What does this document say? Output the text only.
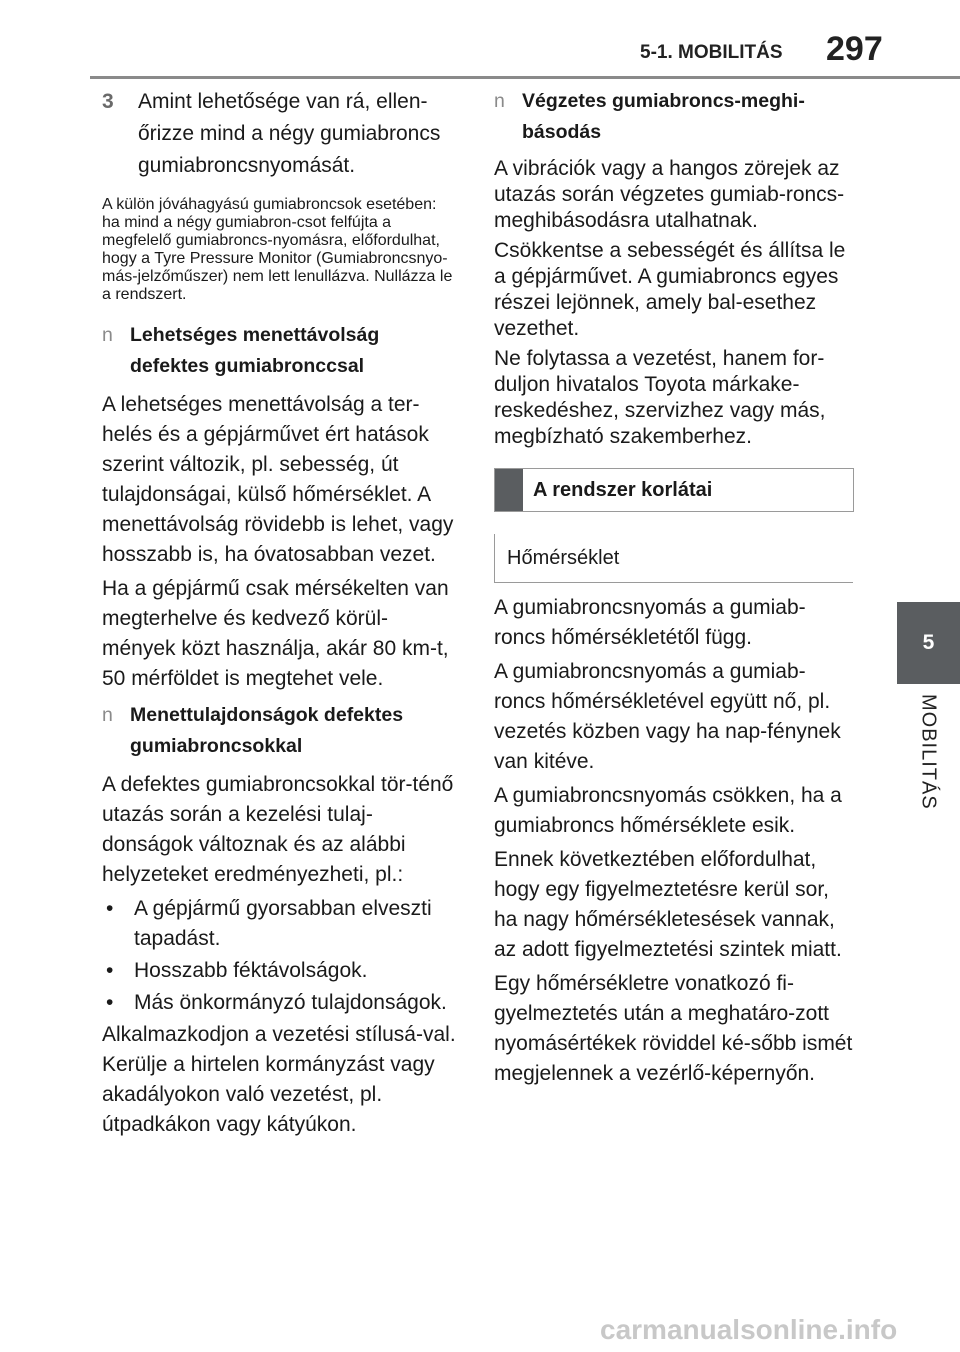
5-1. MOBILITÁS 297
5
MOBILITÁS
3	Amint lehetősége van rá, ellen-
őrizze mind a négy gumiabroncs
gumiabroncsnyomását.

A külön jóváhagyású gumiabroncsok esetében: ha mind a négy gumiabron-csot felfújta a megfelelő gumiabroncs-nyomásra, előfordulhat, hogy a Tyre Pressure Monitor (Gumiabroncsnyo-más-jelzőműszer) nem lett lenullázva. Nullázza le a rendszert.

n Lehetséges menettávolság
defektes gumiabronccsal

A lehetséges menettávolság a ter-helés és a gépjárművet ért hatások szerint változik, pl. sebesség, út tulajdonságai, külső hőmérséklet. A menettávolság rövidebb is lehet, vagy hosszabb is, ha óvatosabban vezet.

Ha a gépjármű csak mérsékelten van megterhelve és kedvező körül-mények közt használja, akár 80 km-t, 50 mérföldet is megtehet vele.

n Menettulajdonságok defektes
gumiabroncsokkal

A defektes gumiabroncsokkal tör-ténő utazás során a kezelési tulaj-donságok változnak és az alábbi helyzeteket eredményezheti, pl.:

• A gépjármű gyorsabban elveszti tapadást.
• Hosszabb féktávolságok.
• Más önkormányzó tulajdonságok.

Alkalmazkodjon a vezetési stílusá-val. Kerülje a hirtelen kormányzást vagy akadályokon való vezetést, pl. útpadkákon vagy kátyúkon.

n Végzetes gumiabroncs-meghi-
básodás

A vibrációk vagy a hangos zörejek az utazás során végzetes gumiab-roncs-meghibásodásra utalhatnak.

Csökkentse a sebességét és állítsa le a gépjárművet. A gumiabroncs egyes részei lejönnek, amely bal-esethez vezethet.

Ne folytassa a vezetést, hanem for-duljon hivatalos Toyota márkake-reskedéshez, szervizhez vagy más, megbízható szakemberhez.

A rendszer korlátai
Hőmérséklet

A gumiabroncsnyomás a gumiab-roncs hőmérsékletétől függ.

A gumiabroncsnyomás a gumiab-roncs hőmérsékletével együtt nő, pl. vezetés közben vagy ha nap-fénynek van kitéve.

A gumiabroncsnyomás csökken, ha a gumiabroncs hőmérséklete esik.

Ennek következtében előfordulhat, hogy egy figyelmeztetésre kerül sor, ha nagy hőmérsékletesések vannak, az adott figyelmeztetési szintek miatt.

Egy hőmérsékletre vonatkozó fi-gyelmeztetés után a meghatáro-zott nyomásértékek röviddel ké-sőbb ismét megjelennek a vezérlő-képernyőn.

carmanualsonline.info
